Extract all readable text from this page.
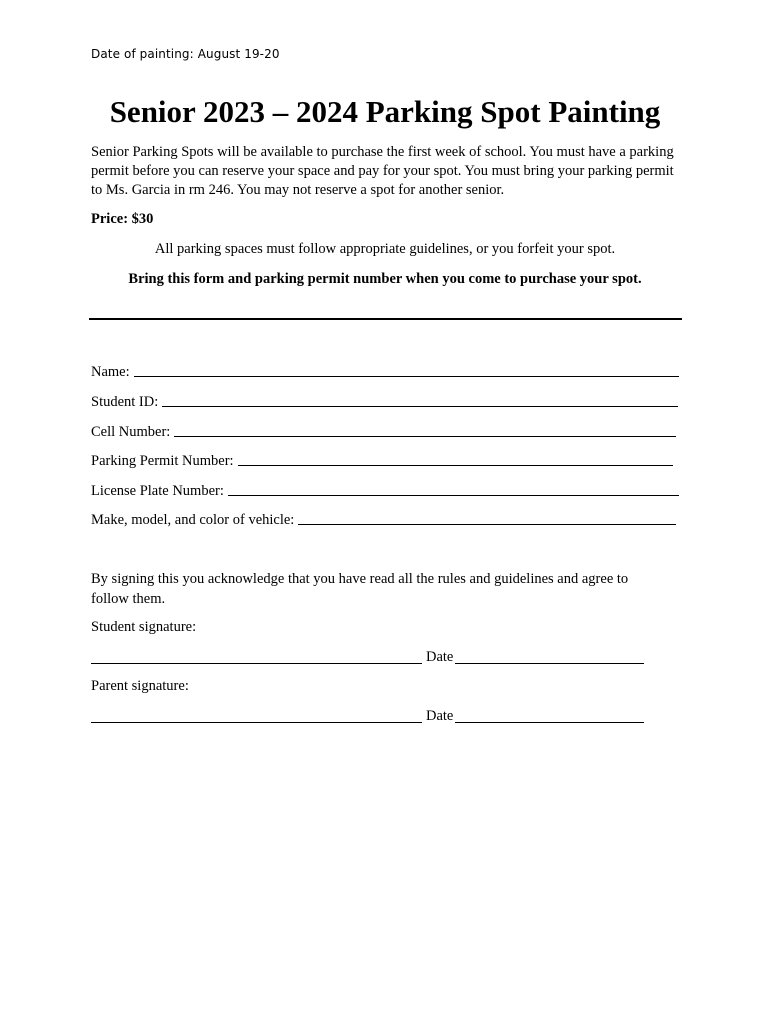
Date of painting: August 19-20
Senior 2023 – 2024 Parking Spot Painting

Senior Parking Spots will be available to purchase the first week of school. You must have a parking permit before you can reserve your space and pay for your spot. You must bring your parking permit to Ms. Garcia in rm 246. You may not reserve a spot for another senior.

Price: $30

All parking spaces must follow appropriate guidelines, or you forfeit your spot.

Bring this form and parking permit number when you come to purchase your spot.

Name:
Student ID:
Cell Number:
Parking Permit Number:
License Plate Number:
Make, model, and color of vehicle:

By signing this you acknowledge that you have read all the rules and guidelines and agree to follow them.

Student signature:

Date

Parent signature:

Date
